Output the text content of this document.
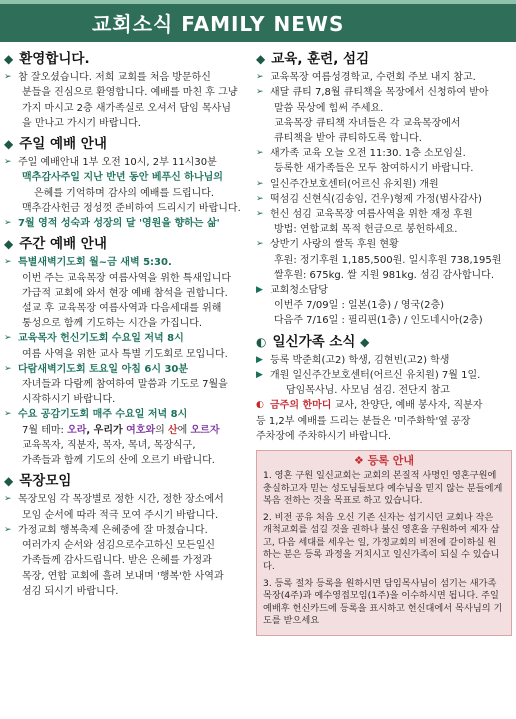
교회소식 FAMILY NEWS
◆ 환영합니다.
➢ 참 잘오셨습니다. 저희 교회를 처음 방문하신
분들을 진심으로 환영합니다. 예배를 마친 후 그냥
가지 마시고 2층 새가족실로 오셔서 담임 목사님
을 만나고 가시기 바랍니다.
◆ 주일 예배 안내
➢ 주일 예배안내 1부 오전 10시, 2부 11시30분
맥추감사주일 지난 반년 동안 베푸신 하나님의
은혜를 기억하며 감사의 예배를 드립니다.
맥추감사헌금 정성껏 준비하여 드리시기 바랍니다.
➢ 7월 영적 성숙과 성장의 달 '영원을 향하는 삶'
◆ 주간 예배 안내
➢ 특별새벽기도회 월~금 새벽 5:30.
이번 주는 교육목장 여름사역을 위한 특새입니다
가급적 교회에 와서 현장 예배 참석을 권합니다.
설교 후 교육목장 여름사역과 다음세대를 위해
통성으로 함께 기도하는 시간을 가집니다.
➢ 교육목자 헌신기도회 수요일 저녁 8시
여름 사역을 위한 교사 특별 기도회로 모입니다.
➢ 다람새벽기도회 토요일 아침 6시 30분
자녀들과 다람께 참여하여 말씀과 기도로 7월을
시작하시기 바랍니다.
➢ 수요 공감기도회 매주 수요일 저녁 8시
7월 테마: 오라, 우리가 여호와의 산에 오르자
교육목자, 직분자, 목자, 목녀, 목장식구,
가족들과 함께 기도의 산에 오르기 바랍니다.
◆ 목장모임
➢ 목장모임 각 목장별로 정한 시간, 정한 장소에서
모임 순서에 따라 적극 모여 주시기 바랍니다.
➢ 가정교회 행복축제 은혜중에 잘 마쳤습니다.
여러가지 순서와 섬김으로수고하신 모든일신
가족들께 감사드립니다. 받은 은혜를 가정과
목장, 연합 교회에 흘려 보내며 '행복'한 사역과
섬김 되시기 바랍니다.
◆ 교육, 훈련, 섬김
➢ 교육목장 여름성경학교, 수련회 주보 내지 참고.
➢ 새달 큐티 7,8월 큐티책을 목장에서 신청하여 받아
말씀 묵상에 힘써 주세요.
교육목장 큐티책 자녀들은 각 교육목장에서
큐티책을 받아 큐티하도록 합니다.
➢ 새가족 교육 오늘 오전 11:30. 1층 소모임실.
등록한 새가족들은 모두 참여하시기 바랍니다.
➢ 일신주간보호센터(어르신 유치원) 개원
➢ 떡섬김 신현식(김송임, 건우)형제 가정(범사감사)
➢ 헌신 섬김 교육목장 여름사역을 위한 재정 후원
방법: 연합교회 목적 헌금으로 봉헌하세요.
➢ 상반기 사랑의 쌀독 후원 현황
후원: 정기후원 1,185,500원. 일시후원 738,195원
쌀후원: 675kg. 쌀 지원 981kg. 섬김 감사합니다.
▶ 교회청소담당
이번주 7/09일 : 일본(1층) / 영국(2층)
다음주 7/16일 : 필리핀(1층) / 인도네시아(2층)
◐ 일신가족 소식 ◆
▶ 등록 박준희(고2) 학생, 김현빈(고2) 학생
▶ 개원 일신주간보호센터(어르신 유치원) 7월 1일.
담임목사님. 사모님 섬김. 전단지 참고
◐ 금주의 한마디 교사, 찬양단, 예배 봉사자, 직분자
등 1,2부 예배를 드리는 분들은 '미주화학'옆 공장
주차장에 주차하시기 바랍니다.
❖ 등록 안내

1. 영혼 구원 일신교회는 교회의 본질적 사명인 영혼구원에 충실하고자 믿는 성도님들보다 예수님을 믿지 않는 분들에게 복음 전하는 것을 목표로 하고 있습니다.

2. 비전 공유 처음 오신 기존 신자는 섬기시던 교회나 작은 개척교회를 섬길 것을 권하나 불신 영혼을 구원하여 제자 삼고, 다음 세대를 세우는 일, 가정교회의 비전에 같이하실 원하는 분은 등록 과정을 거치시고 일신가족이 되실 수 있습니다.

3. 등록 절차 등록을 원하시면 담임목사님이 섬기는 새가족목장(4주)과 예수영접모임(1주)을 이수하시면 됩니다. 주일예배후 헌신카드에 등록을 표시하고 헌신대에서 목사님의 기도를 받으세요
